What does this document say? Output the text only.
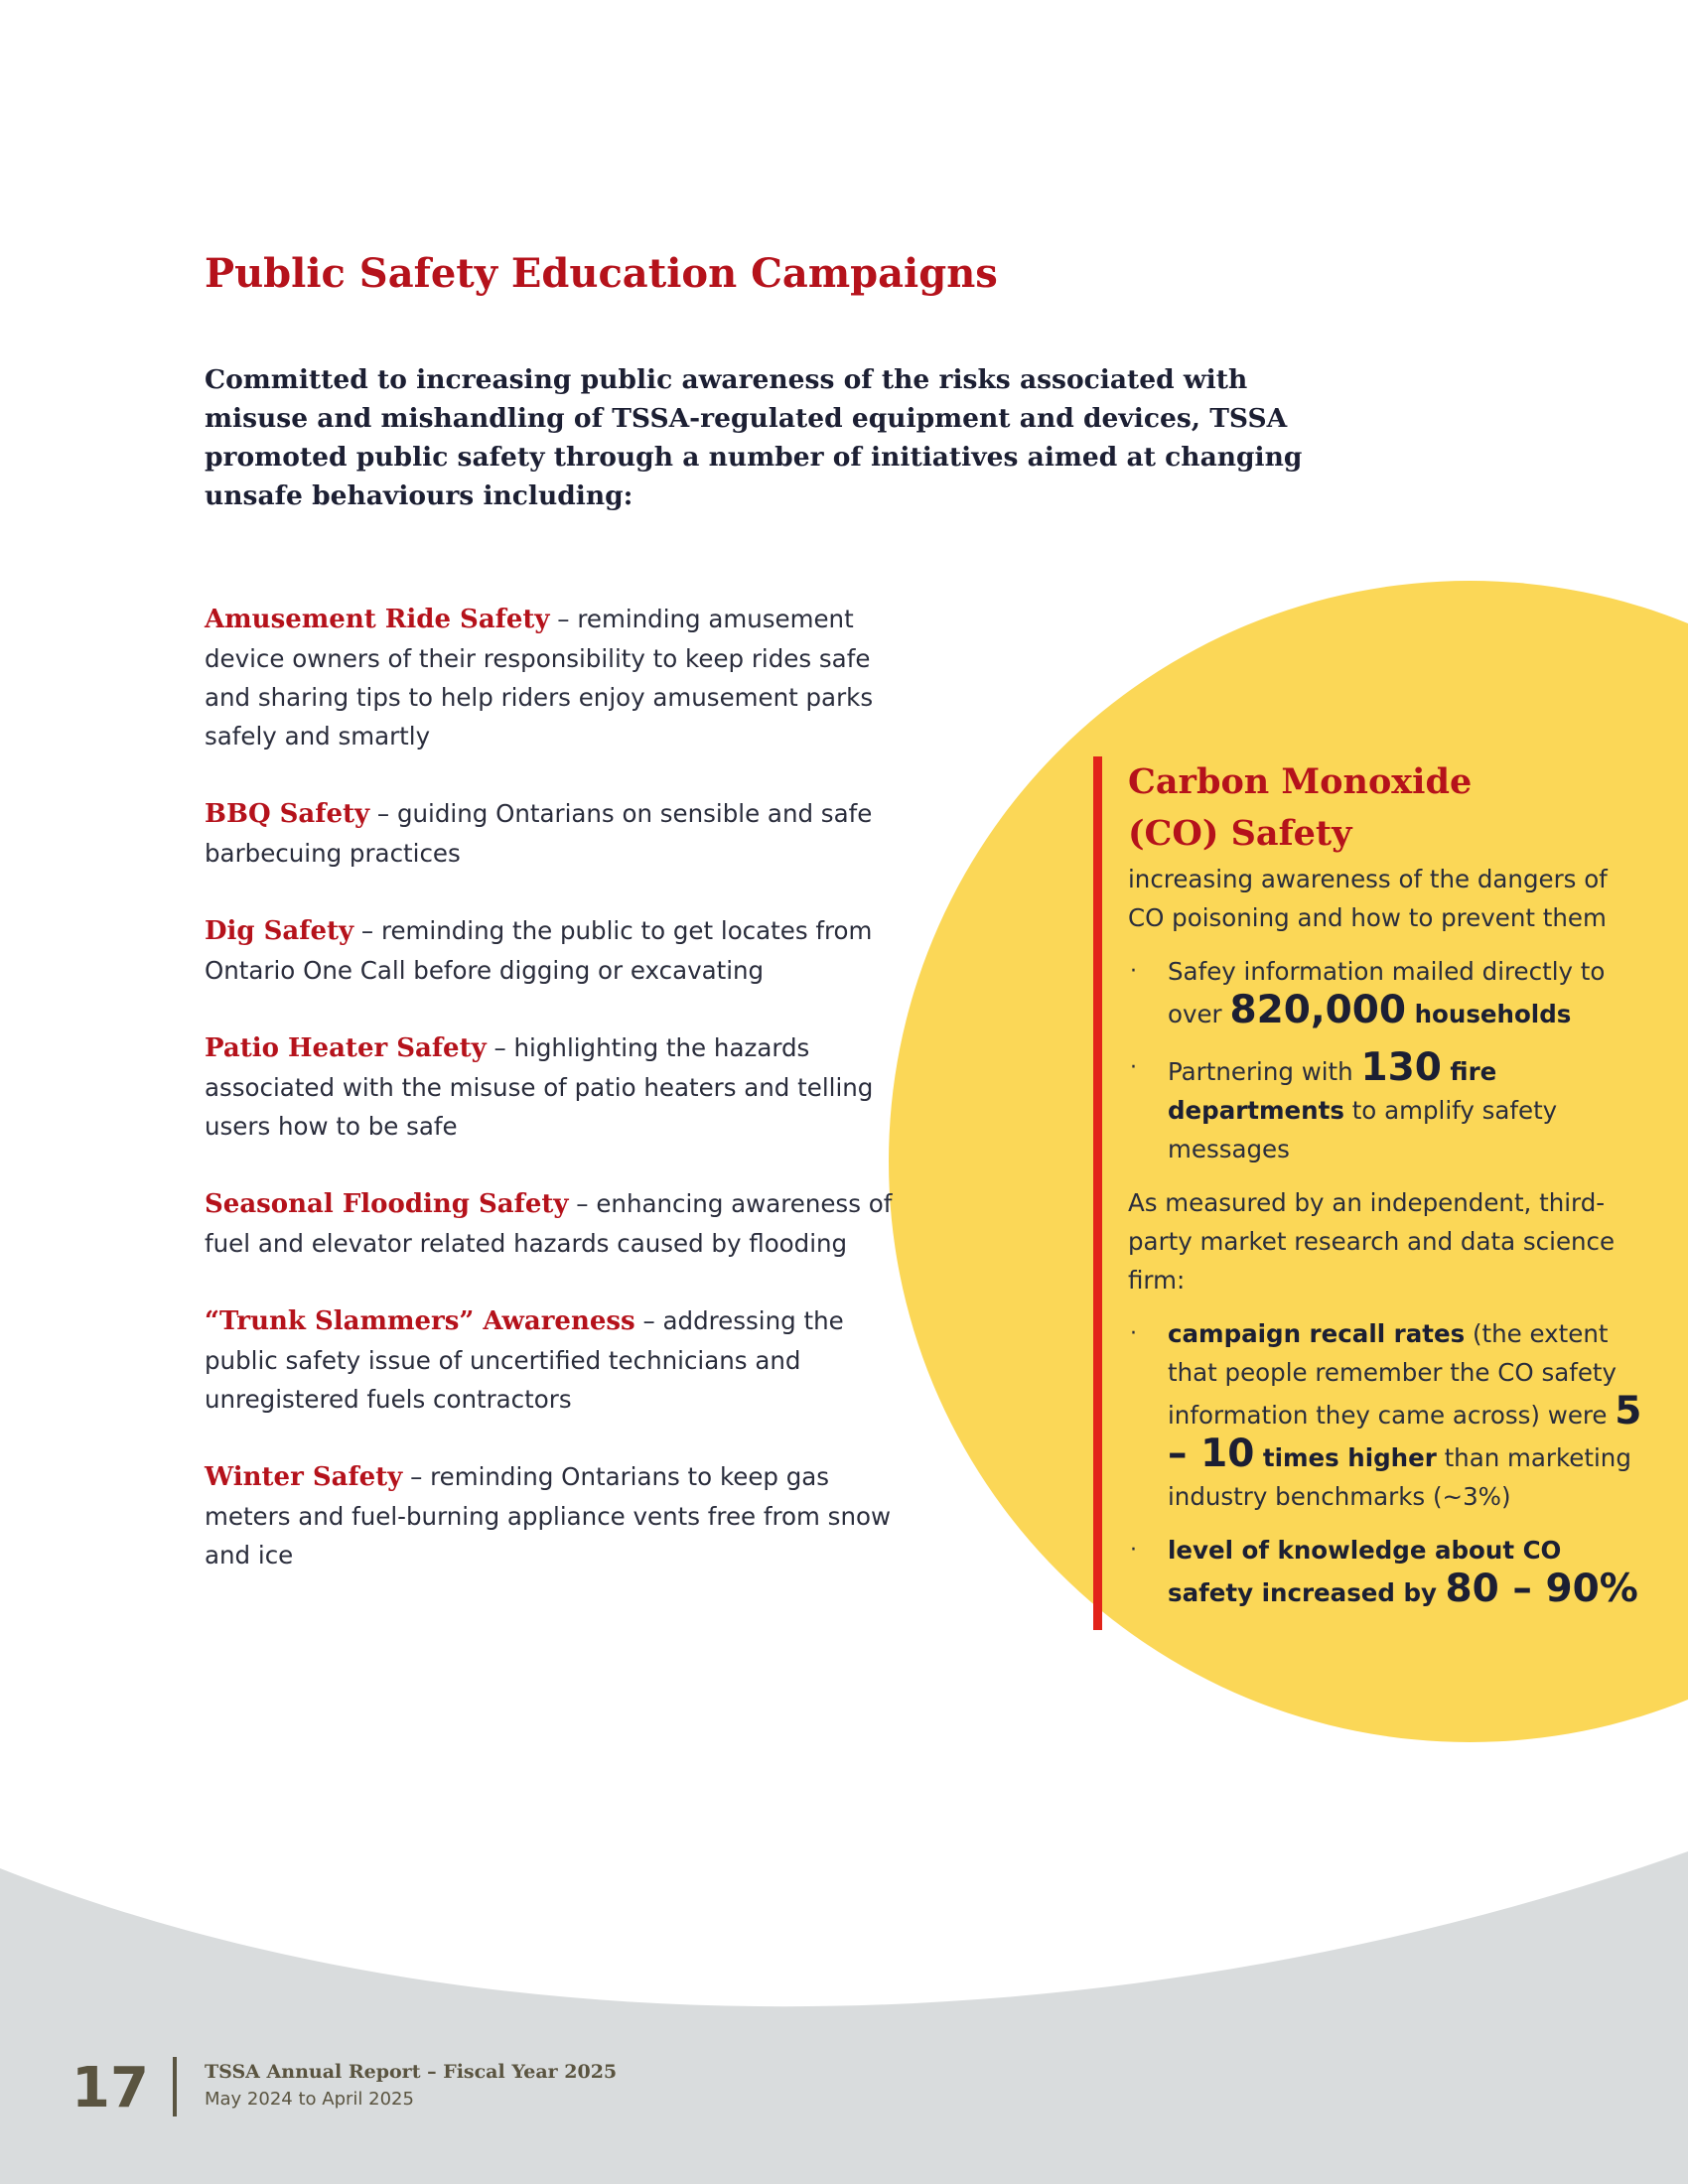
Public Safety Education Campaigns

Committed to increasing public awareness of the risks associated with misuse and mishandling of TSSA-regulated equipment and devices, TSSA promoted public safety through a number of initiatives aimed at changing unsafe behaviours including:

Amusement Ride Safety – reminding amusement device owners of their responsibility to keep rides safe and sharing tips to help riders enjoy amusement parks safely and smartly

BBQ Safety – guiding Ontarians on sensible and safe barbecuing practices

Dig Safety – reminding the public to get locates from Ontario One Call before digging or excavating

Patio Heater Safety – highlighting the hazards associated with the misuse of patio heaters and telling users how to be safe

Seasonal Flooding Safety – enhancing awareness of fuel and elevator related hazards caused by flooding

“Trunk Slammers” Awareness – addressing the public safety issue of uncertified technicians and unregistered fuels contractors

Winter Safety – reminding Ontarians to keep gas meters and fuel-burning appliance vents free from snow and ice

Carbon Monoxide
(CO) Safety

increasing awareness of the dangers of CO poisoning and how to prevent them

· Safey information mailed directly to over 820,000 households
· Partnering with 130 fire departments to amplify safety messages

As measured by an independent, third-party market research and data science firm:

· campaign recall rates (the extent that people remember the CO safety information they came across) were 5 – 10 times higher than marketing industry benchmarks (~3%)
· level of knowledge about CO safety increased by 80 – 90%
17	TSSA Annual Report – Fiscal Year 2025
May 2024 to April 2025
